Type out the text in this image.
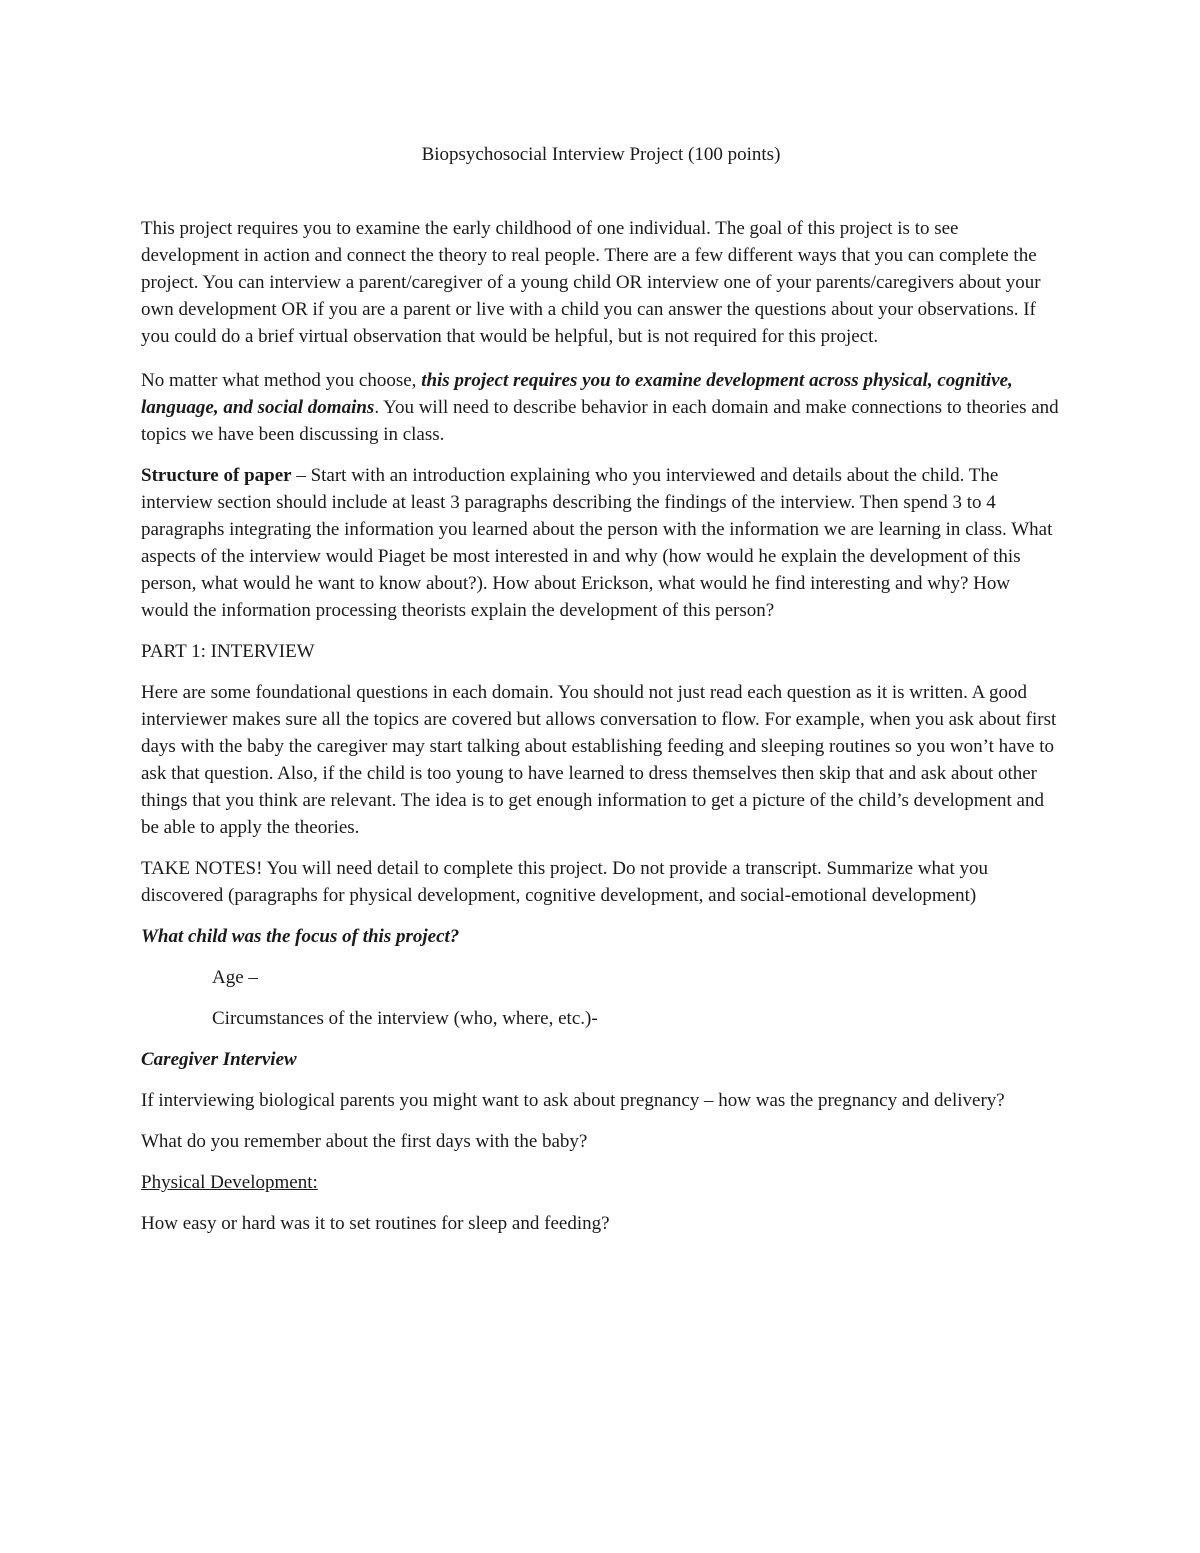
Biopsychosocial Interview Project (100 points)

This project requires you to examine the early childhood of one individual. The goal of this project is to see development in action and connect the theory to real people. There are a few different ways that you can complete the project. You can interview a parent/caregiver of a young child OR interview one of your parents/caregivers about your own development OR if you are a parent or live with a child you can answer the questions about your observations. If you could do a brief virtual observation that would be helpful, but is not required for this project.

No matter what method you choose, this project requires you to examine development across physical, cognitive, language, and social domains. You will need to describe behavior in each domain and make connections to theories and topics we have been discussing in class.

Structure of paper – Start with an introduction explaining who you interviewed and details about the child. The interview section should include at least 3 paragraphs describing the findings of the interview. Then spend 3 to 4 paragraphs integrating the information you learned about the person with the information we are learning in class. What aspects of the interview would Piaget be most interested in and why (how would he explain the development of this person, what would he want to know about?). How about Erickson, what would he find interesting and why? How would the information processing theorists explain the development of this person?

PART 1: INTERVIEW

Here are some foundational questions in each domain. You should not just read each question as it is written. A good interviewer makes sure all the topics are covered but allows conversation to flow. For example, when you ask about first days with the baby the caregiver may start talking about establishing feeding and sleeping routines so you won’t have to ask that question. Also, if the child is too young to have learned to dress themselves then skip that and ask about other things that you think are relevant. The idea is to get enough information to get a picture of the child’s development and be able to apply the theories.

TAKE NOTES! You will need detail to complete this project. Do not provide a transcript. Summarize what you discovered (paragraphs for physical development, cognitive development, and social-emotional development)

What child was the focus of this project?

Age –

Circumstances of the interview (who, where, etc.)-

Caregiver Interview

If interviewing biological parents you might want to ask about pregnancy – how was the pregnancy and delivery?

What do you remember about the first days with the baby?

Physical Development:

How easy or hard was it to set routines for sleep and feeding?
